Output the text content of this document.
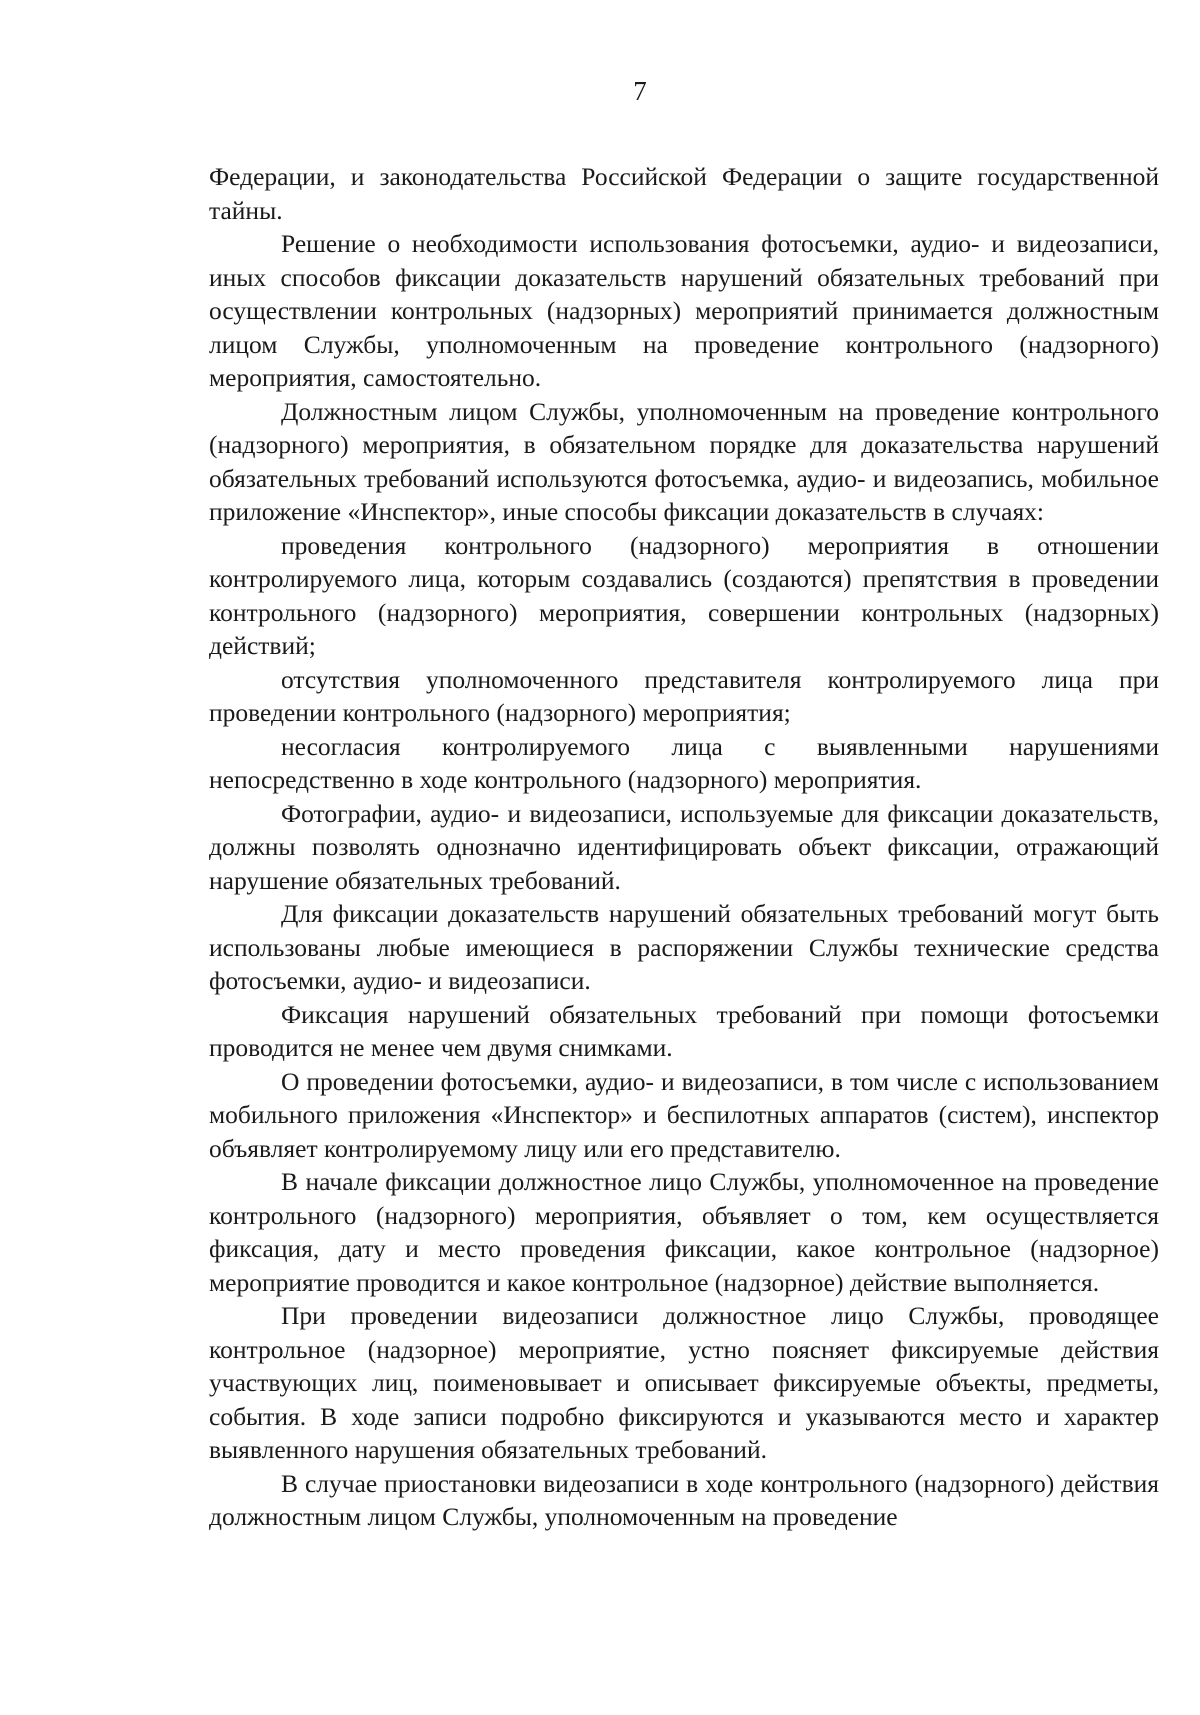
7

Федерации, и законодательства Российской Федерации о защите государственной тайны.

Решение о необходимости использования фотосъемки, аудио- и видеозаписи, иных способов фиксации доказательств нарушений обязательных требований при осуществлении контрольных (надзорных) мероприятий принимается должностным лицом Службы, уполномоченным на проведение контрольного (надзорного) мероприятия, самостоятельно.

Должностным лицом Службы, уполномоченным на проведение контрольного (надзорного) мероприятия, в обязательном порядке для доказательства нарушений обязательных требований используются фотосъемка, аудио- и видеозапись, мобильное приложение «Инспектор», иные способы фиксации доказательств в случаях:

проведения контрольного (надзорного) мероприятия в отношении контролируемого лица, которым создавались (создаются) препятствия в проведении контрольного (надзорного) мероприятия, совершении контрольных (надзорных) действий;

отсутствия уполномоченного представителя контролируемого лица при проведении контрольного (надзорного) мероприятия;

несогласия контролируемого лица с выявленными нарушениями непосредственно в ходе контрольного (надзорного) мероприятия.

Фотографии, аудио- и видеозаписи, используемые для фиксации доказательств, должны позволять однозначно идентифицировать объект фиксации, отражающий нарушение обязательных требований.

Для фиксации доказательств нарушений обязательных требований могут быть использованы любые имеющиеся в распоряжении Службы технические средства фотосъемки, аудио- и видеозаписи.

Фиксация нарушений обязательных требований при помощи фотосъемки проводится не менее чем двумя снимками.

О проведении фотосъемки, аудио- и видеозаписи, в том числе с использованием мобильного приложения «Инспектор» и беспилотных аппаратов (систем), инспектор объявляет контролируемому лицу или его представителю.

В начале фиксации должностное лицо Службы, уполномоченное на проведение контрольного (надзорного) мероприятия, объявляет о том, кем осуществляется фиксация, дату и место проведения фиксации, какое контрольное (надзорное) мероприятие проводится и какое контрольное (надзорное) действие выполняется.

При проведении видеозаписи должностное лицо Службы, проводящее контрольное (надзорное) мероприятие, устно поясняет фиксируемые действия участвующих лиц, поименовывает и описывает фиксируемые объекты, предметы, события. В ходе записи подробно фиксируются и указываются место и характер выявленного нарушения обязательных требований.

В случае приостановки видеозаписи в ходе контрольного (надзорного) действия должностным лицом Службы, уполномоченным на проведение
